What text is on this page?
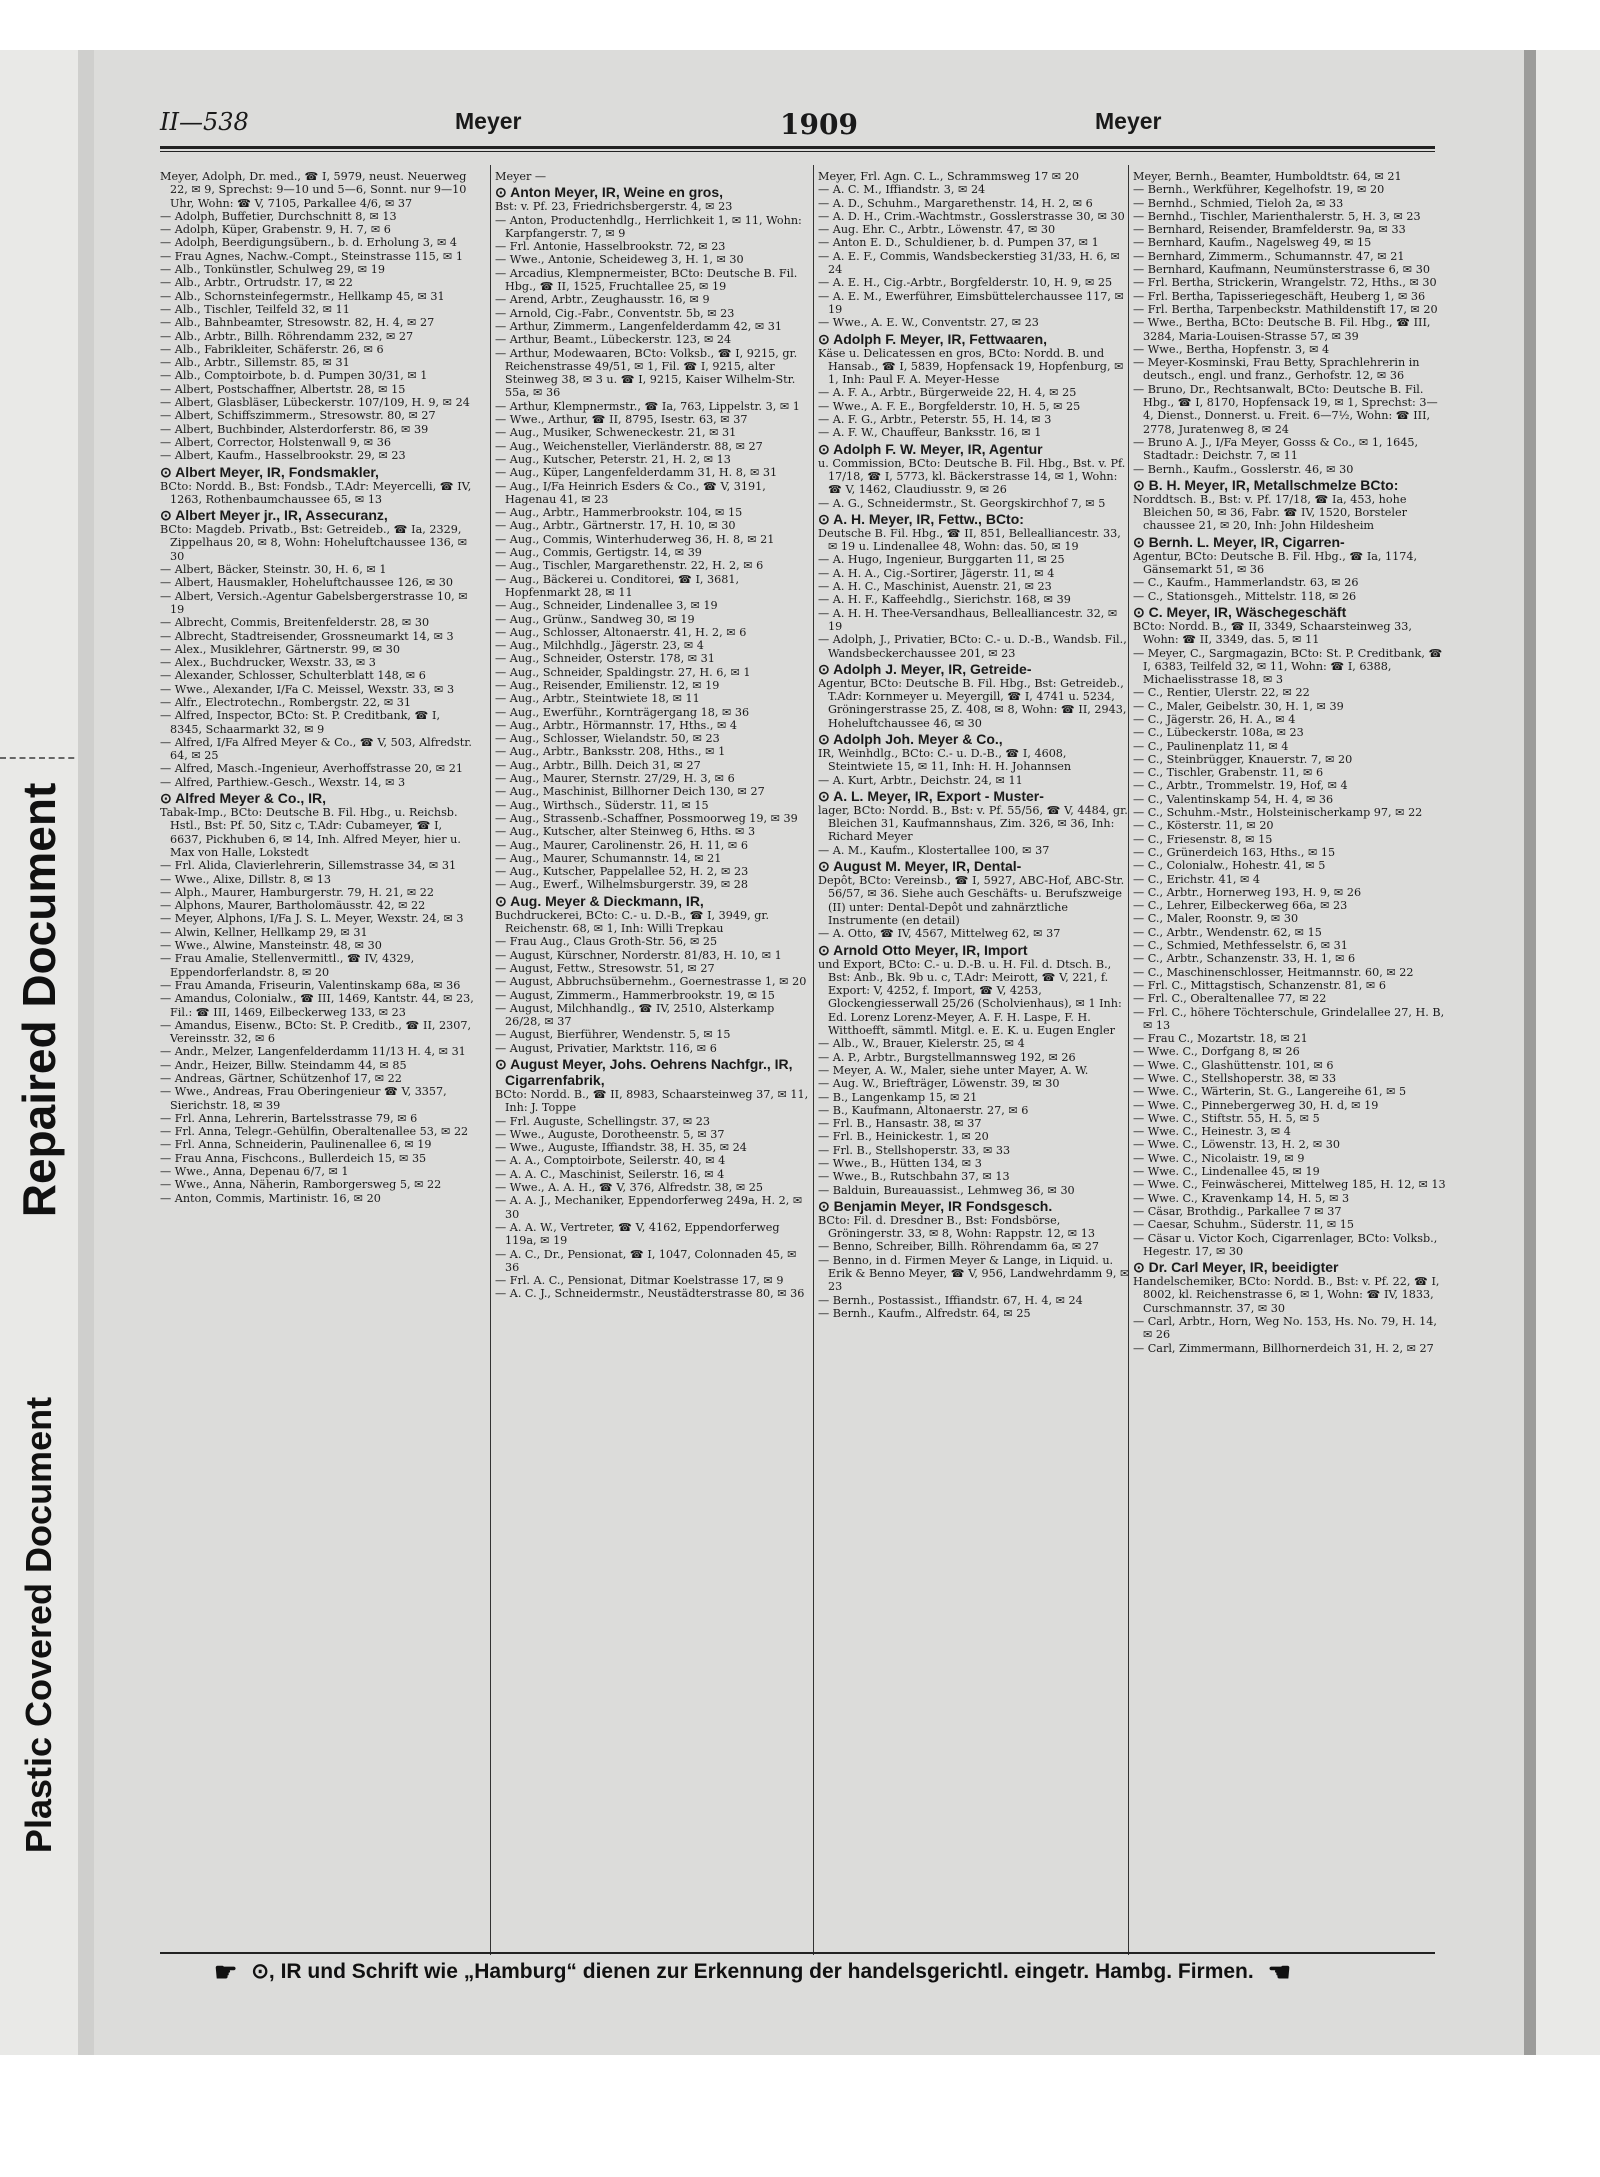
Repaired Document
Plastic Covered Document
II—538	Meyer	1909	Meyer
Meyer, Adolph, Dr. med., ☎ I, 5979, neust. Neuerweg 22, ✉ 9, Sprechst: 9—10 und 5—6, Sonnt. nur 9—10 Uhr, Wohn: ☎ V, 7105, Parkallee 4/6, ✉ 37
— Adolph, Buffetier, Durchschnitt 8, ✉ 13
— Adolph, Küper, Grabenstr. 9, H. 7, ✉ 6
— Adolph, Beerdigungsübern., b. d. Erholung 3, ✉ 4
— Frau Agnes, Nachw.-Compt., Steinstrasse 115, ✉ 1
— Alb., Tonkünstler, Schulweg 29, ✉ 19
— Alb., Arbtr., Ortrudstr. 17, ✉ 22
— Alb., Schornsteinfegermstr., Hellkamp 45, ✉ 31
— Alb., Tischler, Teilfeld 32, ✉ 11
— Alb., Bahnbeamter, Stresowstr. 82, H. 4, ✉ 27
— Alb., Arbtr., Billh. Röhrendamm 232, ✉ 27
— Alb., Fabrikleiter, Schäferstr. 26, ✉ 6
— Alb., Arbtr., Sillemstr. 85, ✉ 31
— Alb., Comptoirbote, b. d. Pumpen 30/31, ✉ 1
— Albert, Postschaffner, Albertstr. 28, ✉ 15
— Albert, Glasbläser, Lübeckerstr. 107/109, H. 9, ✉ 24
— Albert, Schiffszimmerm., Stresowstr. 80, ✉ 27
— Albert, Buchbinder, Alsterdorferstr. 86, ✉ 39
— Albert, Corrector, Holstenwall 9, ✉ 36
— Albert, Kaufm., Hasselbrookstr. 29, ✉ 23
⊙ Albert Meyer, IR, Fondsmakler,
BCto: Nordd. B., Bst: Fondsb., T.Adr: Meyercelli, ☎ IV, 1263, Rothenbaumchaussee 65, ✉ 13
⊙ Albert Meyer jr., IR, Assecuranz,
BCto: Magdeb. Privatb., Bst: Getreideb., ☎ Ia, 2329, Zippelhaus 20, ✉ 8, Wohn: Hoheluftchaussee 136, ✉ 30
— Albert, Bäcker, Steinstr. 30, H. 6, ✉ 1
— Albert, Hausmakler, Hoheluftchaussee 126, ✉ 30
— Albert, Versich.-Agentur Gabelsbergerstrasse 10, ✉ 19
— Albrecht, Commis, Breitenfelderstr. 28, ✉ 30
— Albrecht, Stadtreisender, Grossneumarkt 14, ✉ 3
— Alex., Musiklehrer, Gärtnerstr. 99, ✉ 30
— Alex., Buchdrucker, Wexstr. 33, ✉ 3
— Alexander, Schlosser, Schulterblatt 148, ✉ 6
— Wwe., Alexander, I/Fa C. Meissel, Wexstr. 33, ✉ 3
— Alfr., Electrotechn., Rombergstr. 22, ✉ 31
— Alfred, Inspector, BCto: St. P. Creditbank, ☎ I, 8345, Schaarmarkt 32, ✉ 9
— Alfred, I/Fa Alfred Meyer & Co., ☎ V, 503, Alfredstr. 64, ✉ 25
— Alfred, Masch.-Ingenieur, Averhoffstrasse 20, ✉ 21
— Alfred, Parthiew.-Gesch., Wexstr. 14, ✉ 3
⊙ Alfred Meyer & Co., IR,
Tabak-Imp., BCto: Deutsche B. Fil. Hbg., u. Reichsb. Hstl., Bst: Pf. 50, Sitz c, T.Adr: Cubameyer, ☎ I, 6637, Pickhuben 6, ✉ 14, Inh. Alfred Meyer, hier u. Max von Halle, Lokstedt
— Frl. Alida, Clavierlehrerin, Sillemstrasse 34, ✉ 31
— Wwe., Alixe, Dillstr. 8, ✉ 13
— Alph., Maurer, Hamburgerstr. 79, H. 21, ✉ 22
— Alphons, Maurer, Bartholomäusstr. 42, ✉ 22
— Meyer, Alphons, I/Fa J. S. L. Meyer, Wexstr. 24, ✉ 3
— Alwin, Kellner, Hellkamp 29, ✉ 31
— Wwe., Alwine, Mansteinstr. 48, ✉ 30
— Frau Amalie, Stellenvermittl., ☎ IV, 4329, Eppendorferlandstr. 8, ✉ 20
— Frau Amanda, Friseurin, Valentinskamp 68a, ✉ 36
— Amandus, Colonialw., ☎ III, 1469, Kantstr. 44, ✉ 23, Fil.: ☎ III, 1469, Eilbeckerweg 133, ✉ 23
— Amandus, Eisenw., BCto: St. P. Creditb., ☎ II, 2307, Vereinsstr. 32, ✉ 6
— Andr., Melzer, Langenfelderdamm 11/13 H. 4, ✉ 31
— Andr., Heizer, Billw. Steindamm 44, ✉ 85
— Andreas, Gärtner, Schützenhof 17, ✉ 22
— Wwe., Andreas, Frau Oberingenieur ☎ V, 3357, Sierichstr. 18, ✉ 39
— Frl. Anna, Lehrerin, Bartelsstrasse 79, ✉ 6
— Frl. Anna, Telegr.-Gehülfin, Oberaltenallee 53, ✉ 22
— Frl. Anna, Schneiderin, Paulinenallee 6, ✉ 19
— Frau Anna, Fischcons., Bullerdeich 15, ✉ 35
— Wwe., Anna, Depenau 6/7, ✉ 1
— Wwe., Anna, Näherin, Ramborgersweg 5, ✉ 22
— Anton, Commis, Martinistr. 16, ✉ 20
Meyer —
⊙ Anton Meyer, IR, Weine en gros,
Bst: v. Pf. 23, Friedrichsbergerstr. 4, ✉ 23
— Anton, Productenhdlg., Herrlichkeit 1, ✉ 11, Wohn: Karpfangerstr. 7, ✉ 9
— Frl. Antonie, Hasselbrookstr. 72, ✉ 23
— Wwe., Antonie, Scheideweg 3, H. 1, ✉ 30
— Arcadius, Klempnermeister, BCto: Deutsche B. Fil. Hbg., ☎ II, 1525, Fruchtallee 25, ✉ 19
— Arend, Arbtr., Zeughausstr. 16, ✉ 9
— Arnold, Cig.-Fabr., Conventstr. 5b, ✉ 23
— Arthur, Zimmerm., Langenfelderdamm 42, ✉ 31
— Arthur, Beamt., Lübeckerstr. 123, ✉ 24
— Arthur, Modewaaren, BCto: Volksb., ☎ I, 9215, gr. Reichenstrasse 49/51, ✉ 1, Fil. ☎ I, 9215, alter Steinweg 38, ✉ 3 u. ☎ I, 9215, Kaiser Wilhelm-Str. 55a, ✉ 36
— Arthur, Klempnermstr., ☎ Ia, 763, Lippelstr. 3, ✉ 1
— Wwe., Arthur, ☎ II, 8795, Isestr. 63, ✉ 37
— Aug., Musiker, Schweneckestr. 21, ✉ 31
— Aug., Weichensteller, Vierländerstr. 88, ✉ 27
— Aug., Kutscher, Peterstr. 21, H. 2, ✉ 13
— Aug., Küper, Langenfelderdamm 31, H. 8, ✉ 31
— Aug., I/Fa Heinrich Esders & Co., ☎ V, 3191, Hagenau 41, ✉ 23
— Aug., Arbtr., Hammerbrookstr. 104, ✉ 15
— Aug., Arbtr., Gärtnerstr. 17, H. 10, ✉ 30
— Aug., Commis, Winterhuderweg 36, H. 8, ✉ 21
— Aug., Commis, Gertigstr. 14, ✉ 39
— Aug., Tischler, Margarethenstr. 22, H. 2, ✉ 6
— Aug., Bäckerei u. Conditorei, ☎ I, 3681, Hopfenmarkt 28, ✉ 11
— Aug., Schneider, Lindenallee 3, ✉ 19
— Aug., Grünw., Sandweg 30, ✉ 19
— Aug., Schlosser, Altonaerstr. 41, H. 2, ✉ 6
— Aug., Milchhdlg., Jägerstr. 23, ✉ 4
— Aug., Schneider, Osterstr. 178, ✉ 31
— Aug., Schneider, Spaldingstr. 27, H. 6, ✉ 1
— Aug., Reisender, Emilienstr. 12, ✉ 19
— Aug., Arbtr., Steintwiete 18, ✉ 11
— Aug., Ewerführ., Kornträgergang 18, ✉ 36
— Aug., Arbtr., Hörmannstr. 17, Hths., ✉ 4
— Aug., Schlosser, Wielandstr. 50, ✉ 23
— Aug., Arbtr., Banksstr. 208, Hths., ✉ 1
— Aug., Arbtr., Billh. Deich 31, ✉ 27
— Aug., Maurer, Sternstr. 27/29, H. 3, ✉ 6
— Aug., Maschinist, Billhorner Deich 130, ✉ 27
— Aug., Wirthsch., Süderstr. 11, ✉ 15
— Aug., Strassenb.-Schaffner, Possmoorweg 19, ✉ 39
— Aug., Kutscher, alter Steinweg 6, Hths. ✉ 3
— Aug., Maurer, Carolinenstr. 26, H. 11, ✉ 6
— Aug., Maurer, Schumannstr. 14, ✉ 21
— Aug., Kutscher, Pappelallee 52, H. 2, ✉ 23
— Aug., Ewerf., Wilhelmsburgerstr. 39, ✉ 28
⊙ Aug. Meyer & Dieckmann, IR,
Buchdruckerei, BCto: C.- u. D.-B., ☎ I, 3949, gr. Reichenstr. 68, ✉ 1, Inh: Willi Trepkau
— Frau Aug., Claus Groth-Str. 56, ✉ 25
— August, Kürschner, Norderstr. 81/83, H. 10, ✉ 1
— August, Fettw., Stresowstr. 51, ✉ 27
— August, Abbruchsübernehm., Goernestrasse 1, ✉ 20
— August, Zimmerm., Hammerbrookstr. 19, ✉ 15
— August, Milchhandlg., ☎ IV, 2510, Alsterkamp 26/28, ✉ 37
— August, Bierführer, Wendenstr. 5, ✉ 15
— August, Privatier, Marktstr. 116, ✉ 6
⊙ August Meyer, Johs. Oehrens Nachfgr., IR, Cigarrenfabrik,
BCto: Nordd. B., ☎ II, 8983, Schaarsteinweg 37, ✉ 11, Inh: J. Toppe
— Frl. Auguste, Schellingstr. 37, ✉ 23
— Wwe., Auguste, Dorotheenstr. 5, ✉ 37
— Wwe., Auguste, Iffiandstr. 38, H. 35, ✉ 24
— A. A., Comptoirbote, Seilerstr. 40, ✉ 4
— A. A. C., Maschinist, Seilerstr. 16, ✉ 4
— Wwe., A. A. H., ☎ V, 376, Alfredstr. 38, ✉ 25
— A. A. J., Mechaniker, Eppendorferweg 249a, H. 2, ✉ 30
— A. A. W., Vertreter, ☎ V, 4162, Eppendorferweg 119a, ✉ 19
— A. C., Dr., Pensionat, ☎ I, 1047, Colonnaden 45, ✉ 36
— Frl. A. C., Pensionat, Ditmar Koelstrasse 17, ✉ 9
— A. C. J., Schneidermstr., Neustädterstrasse 80, ✉ 36
Meyer, Frl. Agn. C. L., Schrammsweg 17 ✉ 20
— A. C. M., Iffiandstr. 3, ✉ 24
— A. D., Schuhm., Margarethenstr. 14, H. 2, ✉ 6
— A. D. H., Crim.-Wachtmstr., Gosslerstrasse 30, ✉ 30
— Aug. Ehr. C., Arbtr., Löwenstr. 47, ✉ 30
— Anton E. D., Schuldiener, b. d. Pumpen 37, ✉ 1
— A. E. F., Commis, Wandsbeckerstieg 31/33, H. 6, ✉ 24
— A. E. H., Cig.-Arbtr., Borgfelderstr. 10, H. 9, ✉ 25
— A. E. M., Ewerführer, Eimsbüttelerchaussee 117, ✉ 19
— Wwe., A. E. W., Conventstr. 27, ✉ 23
⊙ Adolph F. Meyer, IR, Fettwaaren,
Käse u. Delicatessen en gros, BCto: Nordd. B. und Hansab., ☎ I, 5839, Hopfensack 19, Hopfenburg, ✉ 1, Inh: Paul F. A. Meyer-Hesse
— A. F. A., Arbtr., Bürgerweide 22, H. 4, ✉ 25
— Wwe., A. F. E., Borgfelderstr. 10, H. 5, ✉ 25
— A. F. G., Arbtr., Peterstr. 55, H. 14, ✉ 3
— A. F. W., Chauffeur, Banksstr. 16, ✉ 1
⊙ Adolph F. W. Meyer, IR, Agentur
u. Commission, BCto: Deutsche B. Fil. Hbg., Bst. v. Pf. 17/18, ☎ I, 5773, kl. Bäckerstrasse 14, ✉ 1, Wohn: ☎ V, 1462, Claudiusstr. 9, ✉ 26
— A. G., Schneidermstr., St. Georgskirchhof 7, ✉ 5
⊙ A. H. Meyer, IR, Fettw., BCto:
Deutsche B. Fil. Hbg., ☎ II, 851, Bellealliancestr. 33, ✉ 19 u. Lindenallee 48, Wohn: das. 50, ✉ 19
— A. Hugo, Ingenieur, Burggarten 11, ✉ 25
— A. H. A., Cig.-Sortirer, Jägerstr. 11, ✉ 4
— A. H. C., Maschinist, Auenstr. 21, ✉ 23
— A. H. F., Kaffeehdlg., Sierichstr. 168, ✉ 39
— A. H. H. Thee-Versandhaus, Bellealliancestr. 32, ✉ 19
— Adolph, J., Privatier, BCto: C.- u. D.-B., Wandsb. Fil., Wandsbeckerchaussee 201, ✉ 23
⊙ Adolph J. Meyer, IR, Getreide-
Agentur, BCto: Deutsche B. Fil. Hbg., Bst: Getreideb., T.Adr: Kornmeyer u. Meyergill, ☎ I, 4741 u. 5234, Gröningerstrasse 25, Z. 408, ✉ 8, Wohn: ☎ II, 2943, Hoheluftchaussee 46, ✉ 30
⊙ Adolph Joh. Meyer & Co.,
IR, Weinhdlg., BCto: C.- u. D.-B., ☎ I, 4608, Steintwiete 15, ✉ 11, Inh: H. H. Johannsen
— A. Kurt, Arbtr., Deichstr. 24, ✉ 11
⊙ A. L. Meyer, IR, Export - Muster-
lager, BCto: Nordd. B., Bst: v. Pf. 55/56, ☎ V, 4484, gr. Bleichen 31, Kaufmannshaus, Zim. 326, ✉ 36, Inh: Richard Meyer
— A. M., Kaufm., Klostertallee 100, ✉ 37
⊙ August M. Meyer, IR, Dental-
Depôt, BCto: Vereinsb., ☎ I, 5927, ABC-Hof, ABC-Str. 56/57, ✉ 36. Siehe auch Geschäfts- u. Berufszweige (II) unter: Dental-Depôt und zahnärztliche Instrumente (en detail)
— A. Otto, ☎ IV, 4567, Mittelweg 62, ✉ 37
⊙ Arnold Otto Meyer, IR, Import
und Export, BCto: C.- u. D.-B. u. H. Fil. d. Dtsch. B., Bst: Anb., Bk. 9b u. c, T.Adr: Meirott, ☎ V, 221, f. Export: V, 4252, f. Import, ☎ V, 4253, Glockengiesserwall 25/26 (Scholvienhaus), ✉ 1 Inh: Ed. Lorenz Lorenz-Meyer, A. F. H. Laspe, F. H. Witthoefft, sämmtl. Mitgl. e. E. K. u. Eugen Engler
— Alb., W., Brauer, Kielerstr. 25, ✉ 4
— A. P., Arbtr., Burgstellmannsweg 192, ✉ 26
— Meyer, A. W., Maler, siehe unter Mayer, A. W.
— Aug. W., Briefträger, Löwenstr. 39, ✉ 30
— B., Langenkamp 15, ✉ 21
— B., Kaufmann, Altonaerstr. 27, ✉ 6
— Frl. B., Hansastr. 38, ✉ 37
— Frl. B., Heinickestr. 1, ✉ 20
— Frl. B., Stellshoperstr. 33, ✉ 33
— Wwe., B., Hütten 134, ✉ 3
— Wwe., B., Rutschbahn 37, ✉ 13
— Balduin, Bureauassist., Lehmweg 36, ✉ 30
⊙ Benjamin Meyer, IR Fondsgesch.
BCto: Fil. d. Dresdner B., Bst: Fondsbörse, Gröningerstr. 33, ✉ 8, Wohn: Rappstr. 12, ✉ 13
— Benno, Schreiber, Billh. Röhrendamm 6a, ✉ 27
— Benno, in d. Firmen Meyer & Lange, in Liquid. u. Erik & Benno Meyer, ☎ V, 956, Landwehrdamm 9, ✉ 23
— Bernh., Postassist., Iffiandstr. 67, H. 4, ✉ 24
— Bernh., Kaufm., Alfredstr. 64, ✉ 25
Meyer, Bernh., Beamter, Humboldtstr. 64, ✉ 21
— Bernh., Werkführer, Kegelhofstr. 19, ✉ 20
— Bernhd., Schmied, Tieloh 2a, ✉ 33
— Bernhd., Tischler, Marienthalerstr. 5, H. 3, ✉ 23
— Bernhard, Reisender, Bramfelderstr. 9a, ✉ 33
— Bernhard, Kaufm., Nagelsweg 49, ✉ 15
— Bernhard, Zimmerm., Schumannstr. 47, ✉ 21
— Bernhard, Kaufmann, Neumünsterstrasse 6, ✉ 30
— Frl. Bertha, Strickerin, Wrangelstr. 72, Hths., ✉ 30
— Frl. Bertha, Tapisseriegeschäft, Heuberg 1, ✉ 36
— Frl. Bertha, Tarpenbeckstr. Mathildenstift 17, ✉ 20
— Wwe., Bertha, BCto: Deutsche B. Fil. Hbg., ☎ III, 3284, Maria-Louisen-Strasse 57, ✉ 39
— Wwe., Bertha, Hopfenstr. 3, ✉ 4
— Meyer-Kosminski, Frau Betty, Sprachlehrerin in deutsch., engl. und franz., Gerhofstr. 12, ✉ 36
— Bruno, Dr., Rechtsanwalt, BCto: Deutsche B. Fil. Hbg., ☎ I, 8170, Hopfensack 19, ✉ 1, Sprechst: 3—4, Dienst., Donnerst. u. Freit. 6—7½, Wohn: ☎ III, 2778, Juratenweg 8, ✉ 24
— Bruno A. J., I/Fa Meyer, Gosss & Co., ✉ 1, 1645, Stadtadr.: Deichstr. 7, ✉ 11
— Bernh., Kaufm., Gosslerstr. 46, ✉ 30
⊙ B. H. Meyer, IR, Metallschmelze BCto:
Norddtsch. B., Bst: v. Pf. 17/18, ☎ Ia, 453, hohe Bleichen 50, ✉ 36, Fabr. ☎ IV, 1520, Borsteler chaussee 21, ✉ 20, Inh: John Hildesheim
⊙ Bernh. L. Meyer, IR, Cigarren-
Agentur, BCto: Deutsche B. Fil. Hbg., ☎ Ia, 1174, Gänsemarkt 51, ✉ 36
— C., Kaufm., Hammerlandstr. 63, ✉ 26
— C., Stationsgeh., Mittelstr. 118, ✉ 26
⊙ C. Meyer, IR, Wäschegeschäft
BCto: Nordd. B., ☎ II, 3349, Schaarsteinweg 33, Wohn: ☎ II, 3349, das. 5, ✉ 11
— Meyer, C., Sargmagazin, BCto: St. P. Creditbank, ☎ I, 6383, Teilfeld 32, ✉ 11, Wohn: ☎ I, 6388, Michaelisstrasse 18, ✉ 3
— C., Rentier, Ulerstr. 22, ✉ 22
— C., Maler, Geibelstr. 30, H. 1, ✉ 39
— C., Jägerstr. 26, H. A., ✉ 4
— C., Lübeckerstr. 108a, ✉ 23
— C., Paulinenplatz 11, ✉ 4
— C., Steinbrügger, Knauerstr. 7, ✉ 20
— C., Tischler, Grabenstr. 11, ✉ 6
— C., Arbtr., Trommelstr. 19, Hof, ✉ 4
— C., Valentinskamp 54, H. 4, ✉ 36
— C., Schuhm.-Mstr., Holsteinischerkamp 97, ✉ 22
— C., Kösterstr. 11, ✉ 20
— C., Friesenstr. 8, ✉ 15
— C., Grünerdeich 163, Hths., ✉ 15
— C., Colonialw., Hohestr. 41, ✉ 5
— C., Erichstr. 41, ✉ 4
— C., Arbtr., Hornerweg 193, H. 9, ✉ 26
— C., Lehrer, Eilbeckerweg 66a, ✉ 23
— C., Maler, Roonstr. 9, ✉ 30
— C., Arbtr., Wendenstr. 62, ✉ 15
— C., Schmied, Methfesselstr. 6, ✉ 31
— C., Arbtr., Schanzenstr. 33, H. 1, ✉ 6
— C., Maschinenschlosser, Heitmannstr. 60, ✉ 22
— Frl. C., Mittagstisch, Schanzenstr. 81, ✉ 6
— Frl. C., Oberaltenallee 77, ✉ 22
— Frl. C., höhere Töchterschule, Grindelallee 27, H. B, ✉ 13
— Frau C., Mozartstr. 18, ✉ 21
— Wwe. C., Dorfgang 8, ✉ 26
— Wwe. C., Glashüttenstr. 101, ✉ 6
— Wwe. C., Stellshoperstr. 38, ✉ 33
— Wwe. C., Wärterin, St. G., Langereihe 61, ✉ 5
— Wwe. C., Pinnebergerweg 30, H. d, ✉ 19
— Wwe. C., Stiftstr. 55, H. 5, ✉ 5
— Wwe. C., Heinestr. 3, ✉ 4
— Wwe. C., Löwenstr. 13, H. 2, ✉ 30
— Wwe. C., Nicolaistr. 19, ✉ 9
— Wwe. C., Lindenallee 45, ✉ 19
— Wwe. C., Feinwäscherei, Mittelweg 185, H. 12, ✉ 13
— Wwe. C., Kravenkamp 14, H. 5, ✉ 3
— Cäsar, Brothdig., Parkallee 7 ✉ 37
— Caesar, Schuhm., Süderstr. 11, ✉ 15
— Cäsar u. Victor Koch, Cigarrenlager, BCto: Volksb., Hegestr. 17, ✉ 30
⊙ Dr. Carl Meyer, IR, beeidigter
Handelschemiker, BCto: Nordd. B., Bst: v. Pf. 22, ☎ I, 8002, kl. Reichenstrasse 6, ✉ 1, Wohn: ☎ IV, 1833, Curschmannstr. 37, ✉ 30
— Carl, Arbtr., Horn, Weg No. 153, Hs. No. 79, H. 14, ✉ 26
— Carl, Zimmermann, Billhornerdeich 31, H. 2, ✉ 27
☛ ⊙, IR und Schrift wie „Hamburg“ dienen zur Erkennung der handelsgerichtl. eingetr. Hambg. Firmen. ☚
